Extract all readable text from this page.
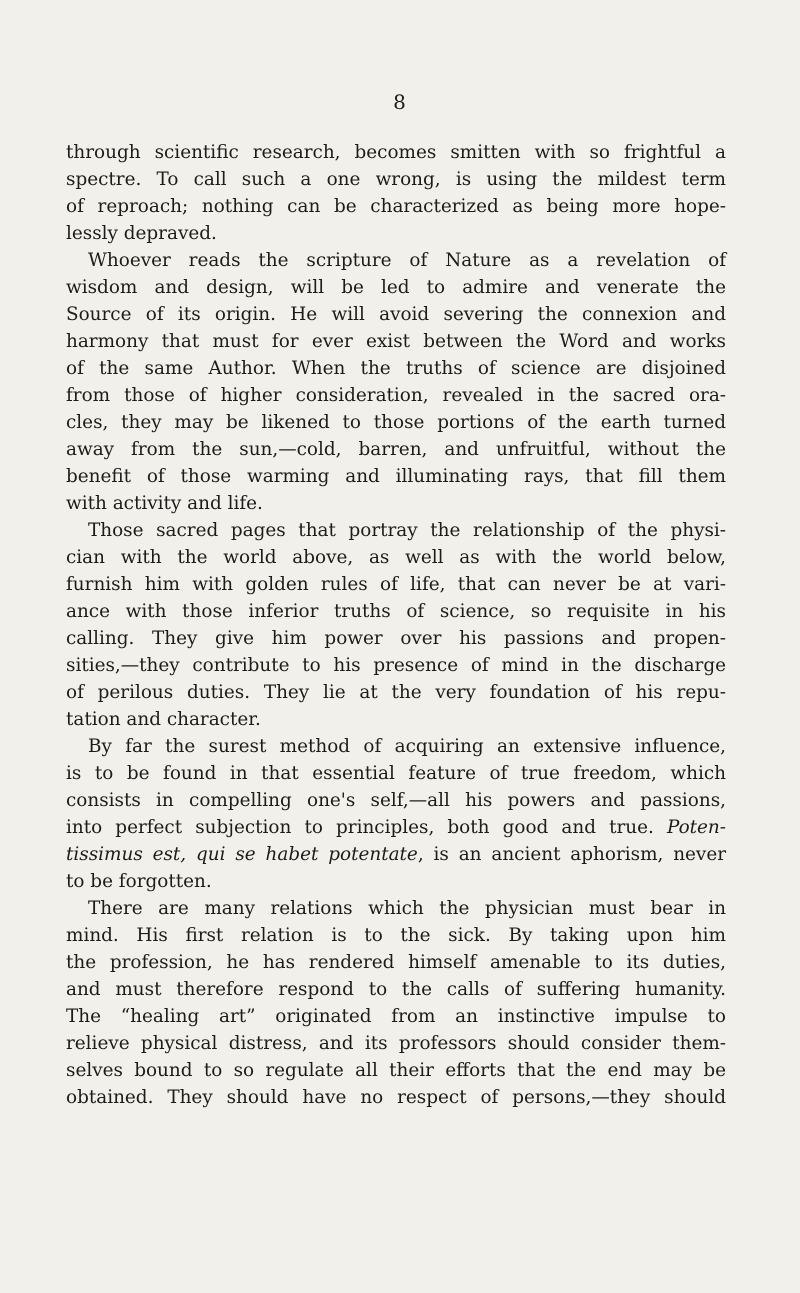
8
through scientific research, becomes smitten with so frightful a
spectre. To call such a one wrong, is using the mildest term
of reproach; nothing can be characterized as being more hope-
lessly depraved.
Whoever reads the scripture of Nature as a revelation of
wisdom and design, will be led to admire and venerate the
Source of its origin. He will avoid severing the connexion and
harmony that must for ever exist between the Word and works
of the same Author. When the truths of science are disjoined
from those of higher consideration, revealed in the sacred ora-
cles, they may be likened to those portions of the earth turned
away from the sun,—cold, barren, and unfruitful, without the
benefit of those warming and illuminating rays, that fill them
with activity and life.
Those sacred pages that portray the relationship of the physi-
cian with the world above, as well as with the world below,
furnish him with golden rules of life, that can never be at vari-
ance with those inferior truths of science, so requisite in his
calling. They give him power over his passions and propen-
sities,—they contribute to his presence of mind in the discharge
of perilous duties. They lie at the very foundation of his repu-
tation and character.
By far the surest method of acquiring an extensive influence,
is to be found in that essential feature of true freedom, which
consists in compelling one's self,—all his powers and passions,
into perfect subjection to principles, both good and true. Poten-
tissimus est, qui se habet potentate, is an ancient aphorism, never
to be forgotten.
There are many relations which the physician must bear in
mind. His first relation is to the sick. By taking upon him
the profession, he has rendered himself amenable to its duties,
and must therefore respond to the calls of suffering humanity.
The “healing art” originated from an instinctive impulse to
relieve physical distress, and its professors should consider them-
selves bound to so regulate all their efforts that the end may be
obtained. They should have no respect of persons,—they should
